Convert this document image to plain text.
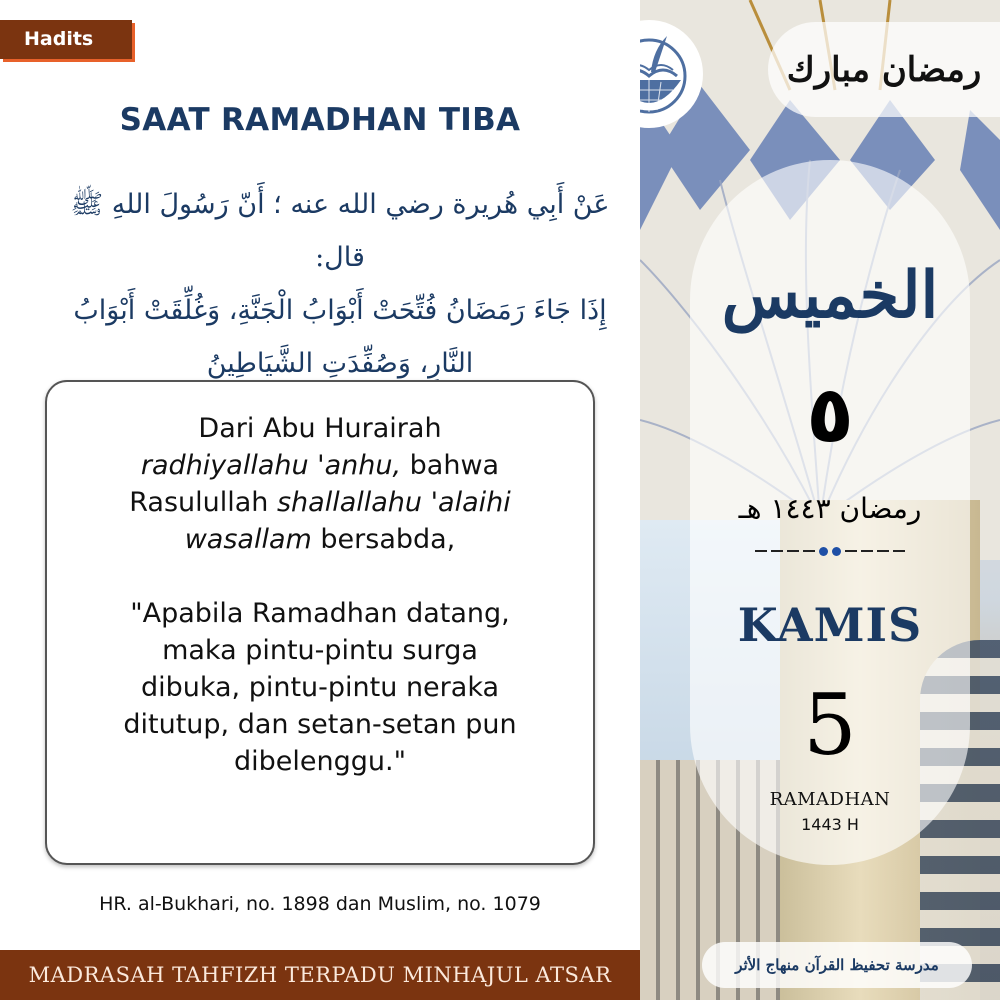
Hadits
SAAT RAMADHAN TIBA
عَنْ أَبِي هُريرة رضي الله عنه ؛ أَنّ رَسُولَ اللهِ ﷺ قال:
إِذَا جَاءَ رَمَضَانُ فُتِّحَتْ أَبْوَابُ الْجَنَّةِ، وَغُلِّقَتْ أَبْوَابُ
النَّارِ، وَصُفِّدَتِ الشَّيَاطِينُ
Dari Abu Hurairah
radhiyallahu 'anhu, bahwa
Rasulullah shallallahu 'alaihi
wasallam bersabda,
"Apabila Ramadhan datang,
maka pintu-pintu surga
dibuka, pintu-pintu neraka
ditutup, dan setan-setan pun
dibelenggu."
HR. al-Bukhari, no. 1898 dan Muslim, no. 1079
MADRASAH TAHFIZH TERPADU MINHAJUL ATSAR
رمضان مبارك
الخميس
٥
رمضان ١٤٤٣ هـ
KAMIS
5
RAMADHAN
1443 H
مدرسة تحفيظ القرآن منهاج الأثر
